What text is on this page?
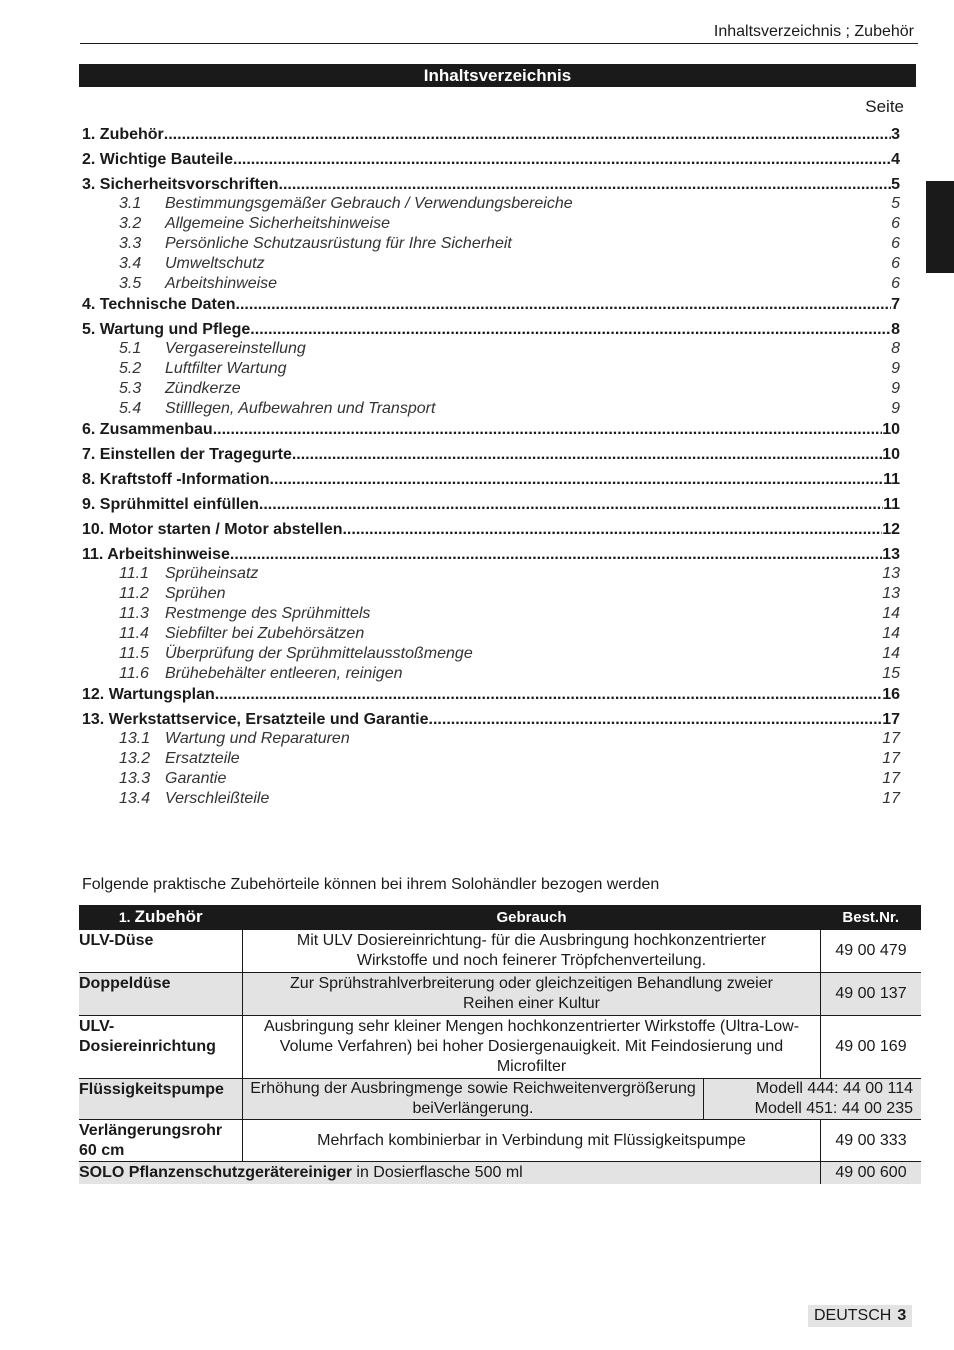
Inhaltsverzeichnis ; Zubehör
Inhaltsverzeichnis
Seite
1. Zubehör .....	3
2. Wichtige Bauteile .....	4
3. Sicherheitsvorschriften .....	5
3.1	Bestimmungsgemäßer Gebrauch / Verwendungsbereiche	5
3.2	Allgemeine Sicherheitshinweise	6
3.3	Persönliche Schutzausrüstung für Ihre Sicherheit	6
3.4	Umweltschutz	6
3.5	Arbeitshinweise	6
4. Technische Daten .....	7
5. Wartung und Pflege .....	8
5.1	Vergasereinstellung	8
5.2	Luftfilter Wartung	9
5.3	Zündkerze	9
5.4	Stilllegen, Aufbewahren und Transport	9
6. Zusammenbau .....	10
7. Einstellen der Tragegurte .....	10
8. Kraftstoff -Information .....	11
9. Sprühmittel einfüllen .....	11
10. Motor starten / Motor abstellen .....	12
11. Arbeitshinweise .....	13
11.1	Sprüheinsatz	13
11.2	Sprühen	13
11.3	Restmenge des Sprühmittels	14
11.4	Siebfilter bei Zubehörsätzen	14
11.5	Überprüfung der Sprühmittelausstoßmenge	14
11.6	Brühebehälter entleeren, reinigen	15
12. Wartungsplan .....	16
13. Werkstattservice, Ersatzteile und Garantie .....	17
13.1 Wartung und Reparaturen	17
13.2 Ersatzteile	17
13.3 Garantie	17
13.4 Verschleißteile	17
Folgende praktische Zubehörteile können bei ihrem Solohändler bezogen werden
1. Zubehör	Gebrauch		Best.Nr.
ULV-Düse	Mit ULV Dosiereinrichtung- für die Ausbringung hochkonzentrierter Wirkstoffe und noch feinerer Tröpfchenverteilung.		49 00 479
Doppeldüse	Zur Sprühstrahlverbreiterung oder gleichzeitigen Behandlung zweier Reihen einer Kultur		49 00 137
ULV-Dosiereinrichtung	Ausbringung sehr kleiner Mengen hochkonzentrierter Wirkstoffe (Ultra-Low-Volume Verfahren) bei hoher Dosiergenauigkeit. Mit Feindosierung und Microfilter		49 00 169
Flüssigkeitspumpe	Erhöhung der Ausbringmenge sowie Reichweitenvergrößerung beiVerlängerung.	Modell 444: 44 00 114
Modell 451: 44 00 235	
Verlängerungsrohr 60 cm	Mehrfach kombinierbar in Verbindung mit Flüssigkeitspumpe		49 00 333
SOLO Pflanzenschutzgerätereiniger in Dosierflasche 500 ml			49 00 600
DEUTSCH 3
